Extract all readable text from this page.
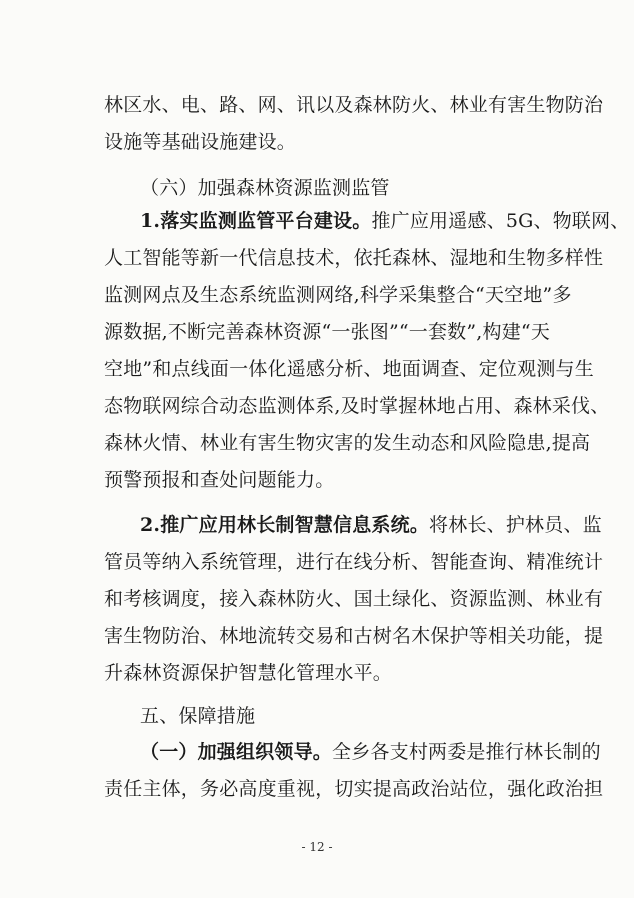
林区水、电、路、网、讯以及森林防火、林业有害生物防治
设施等基础设施建设。
（六）加强森林资源监测监管
1.落实监测监管平台建设。推广应用遥感、5G、物联网、
人工智能等新一代信息技术，依托森林、湿地和生物多样性
监测网点及生态系统监测网络,科学采集整合“天空地”多
源数据,不断完善森林资源“一张图”“一套数”,构建“天
空地”和点线面一体化遥感分析、地面调查、定位观测与生
态物联网综合动态监测体系,及时掌握林地占用、森林采伐、
森林火情、林业有害生物灾害的发生动态和风险隐患,提高
预警预报和查处问题能力。
2.推广应用林长制智慧信息系统。将林长、护林员、监
管员等纳入系统管理，进行在线分析、智能查询、精准统计
和考核调度，接入森林防火、国土绿化、资源监测、林业有
害生物防治、林地流转交易和古树名木保护等相关功能，提
升森林资源保护智慧化管理水平。
五、保障措施
（一）加强组织领导。全乡各支村两委是推行林长制的
责任主体，务必高度重视，切实提高政治站位，强化政治担
- 12 -
